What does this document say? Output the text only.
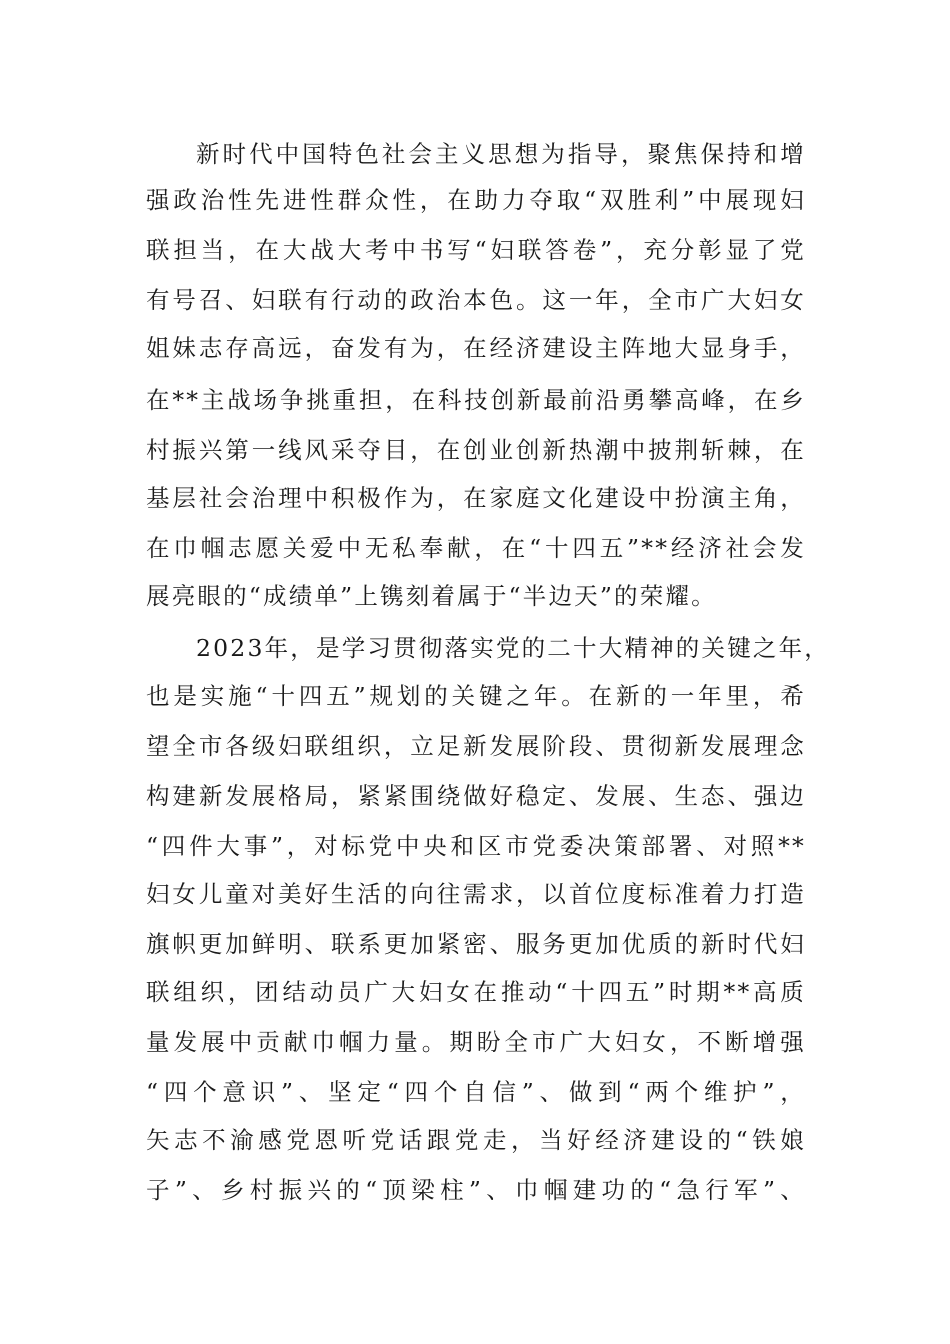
新时代中国特色社会主义思想为指导，聚焦保持和增
强政治性先进性群众性，在助力夺取“双胜利”中展现妇
联担当，在大战大考中书写“妇联答卷”，充分彰显了党
有号召、妇联有行动的政治本色。这一年，全市广大妇女
姐妹志存高远，奋发有为，在经济建设主阵地大显身手，
在**主战场争挑重担，在科技创新最前沿勇攀高峰，在乡
村振兴第一线风采夺目，在创业创新热潮中披荆斩棘，在
基层社会治理中积极作为，在家庭文化建设中扮演主角，
在巾帼志愿关爱中无私奉献，在“十四五”**经济社会发
展亮眼的“成绩单”上镌刻着属于“半边天”的荣耀。
2023年，是学习贯彻落实党的二十大精神的关键之年，
也是实施“十四五”规划的关键之年。在新的一年里，希
望全市各级妇联组织，立足新发展阶段、贯彻新发展理念
构建新发展格局，紧紧围绕做好稳定、发展、生态、强边
“四件大事”，对标党中央和区市党委决策部署、对照**
妇女儿童对美好生活的向往需求，以首位度标准着力打造
旗帜更加鲜明、联系更加紧密、服务更加优质的新时代妇
联组织，团结动员广大妇女在推动“十四五”时期**高质
量发展中贡献巾帼力量。期盼全市广大妇女，不断增强
“四个意识”、坚定“四个自信”、做到“两个维护”，
矢志不渝感党恩听党话跟党走，当好经济建设的“铁娘
子”、乡村振兴的“顶梁柱”、巾帼建功的“急行军”、
